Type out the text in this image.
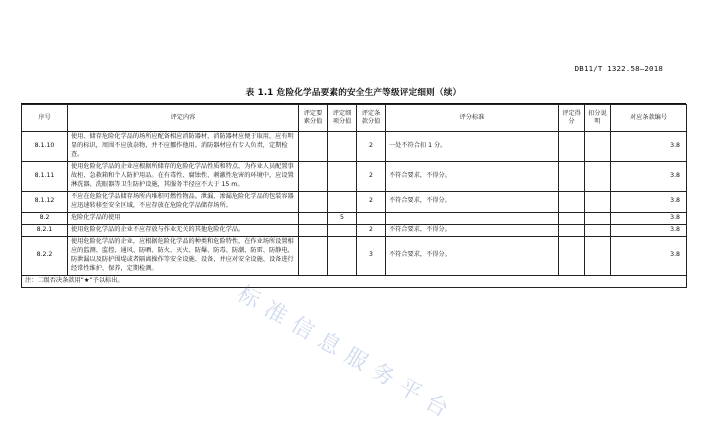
DB11/T 1322.58—2018
表 1.1 危险化学品要素的安全生产等级评定细则（续）
序号	评定内容	评定要素分值	评定细项分值	评定条款分值	评分标准	评定得分	扣分说明	对应条款编号
8.1.10	使用、储存危险化学品的场所应配备相应消防器材，消防器材应便于取用，应有明显的标识，周围不应放杂物，并不应挪作他用。消防器材应有专人负责，定期检查。			2	一处不符合扣 1 分。			3.8
8.1.11	使用危险化学品的企业应根据所储存的危险化学品性质和特点，为作业人员配置事故柜、急救箱和个人防护用品。在有毒性、腐蚀性、刺激性危害的环境中，应设置淋洗器、洗眼器等卫生防护设施，其服务半径应不大于 15 m。			2	不符合要求，不得分。			3.8
8.1.12	不应在危险化学品储存场所内堆积可燃性物品。泄漏、渗漏危险化学品的包装容器应迅速转移至安全区域，不应存放在危险化学品储存场所。			2	不符合要求，不得分。			3.8
8.2	危险化学品的使用		5					3.8
8.2.1	使用危险化学品的企业不应存放与作业无关的其他危险化学品。			2	不符合要求，不得分。			3.8
8.2.2	使用危险化学品的企业，应根据危险化学品的种类和危险特性，在作业场所设置相应的监测、监控、通风、防晒、防火、灭火、防爆、防毒、防潮、防雷、防静电、防泄漏以及防护围堤或者隔离操作等安全设施、设备，并应对安全设施、设备进行经常性维护、保养，定期检测。			3	不符合要求，不得分。			3.8
注：二级否决条款用“★”予以标出。								
标准信息服务平台
